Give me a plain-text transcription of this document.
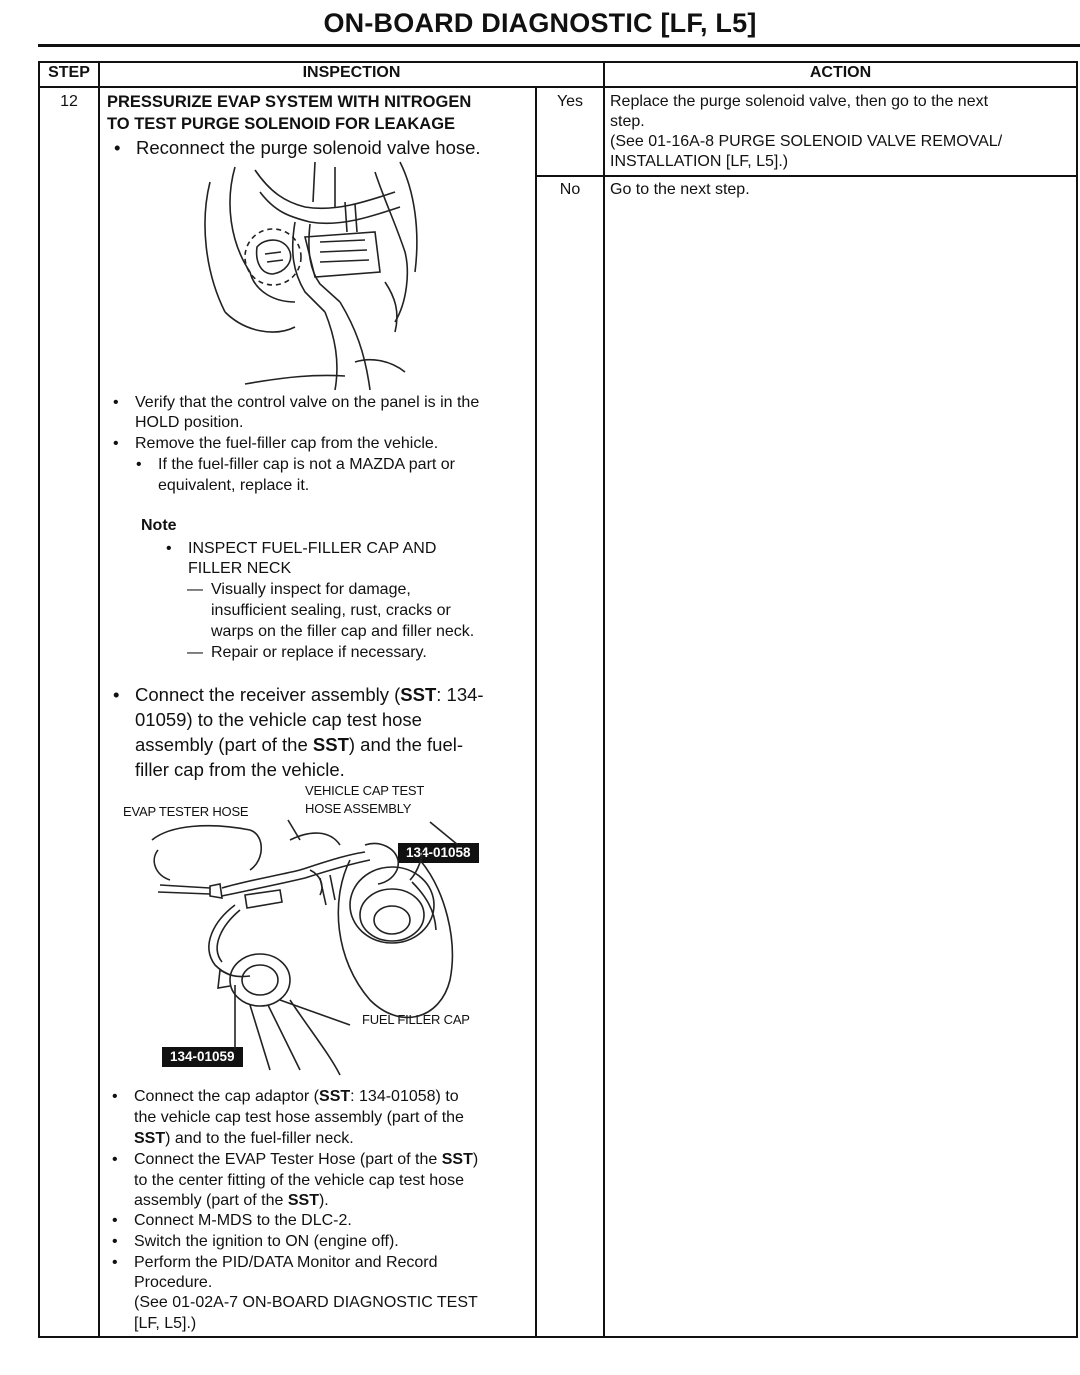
ON-BOARD DIAGNOSTIC [LF, L5]
STEP	INSPECTION	ACTION
12	PRESSURIZE EVAP SYSTEM WITH NITROGEN
TO TEST PURGE SOLENOID FOR LEAKAGE
• Reconnect the purge solenoid valve hose.
• Verify that the control valve on the panel is in the
HOLD position.
• Remove the fuel-filler cap from the vehicle.
• If the fuel-filler cap is not a MAZDA part or
equivalent, replace it.
Note
• INSPECT FUEL-FILLER CAP AND
FILLER NECK
— Visually inspect for damage,
insufficient sealing, rust, cracks or
warps on the filler cap and filler neck.
— Repair or replace if necessary.
• Connect the receiver assembly (SST: 134-
01059) to the vehicle cap test hose
assembly (part of the SST) and the fuel-
filler cap from the vehicle.
VEHICLE CAP TEST
HOSE ASSEMBLY
EVAP TESTER HOSE
134-01058
FUEL FILLER CAP
134-01059
• Connect the cap adaptor (SST: 134-01058) to
the vehicle cap test hose assembly (part of the
SST) and to the fuel-filler neck.
• Connect the EVAP Tester Hose (part of the SST)
to the center fitting of the vehicle cap test hose
assembly (part of the SST).
• Connect M-MDS to the DLC-2.
• Switch the ignition to ON (engine off).
• Perform the PID/DATA Monitor and Record
Procedure.
(See 01-02A-7 ON-BOARD DIAGNOSTIC TEST
[LF, L5].)
Yes	Replace the purge solenoid valve, then go to the next
step.
(See 01-16A-8 PURGE SOLENOID VALVE REMOVAL/
INSTALLATION [LF, L5].)
No	Go to the next step.
